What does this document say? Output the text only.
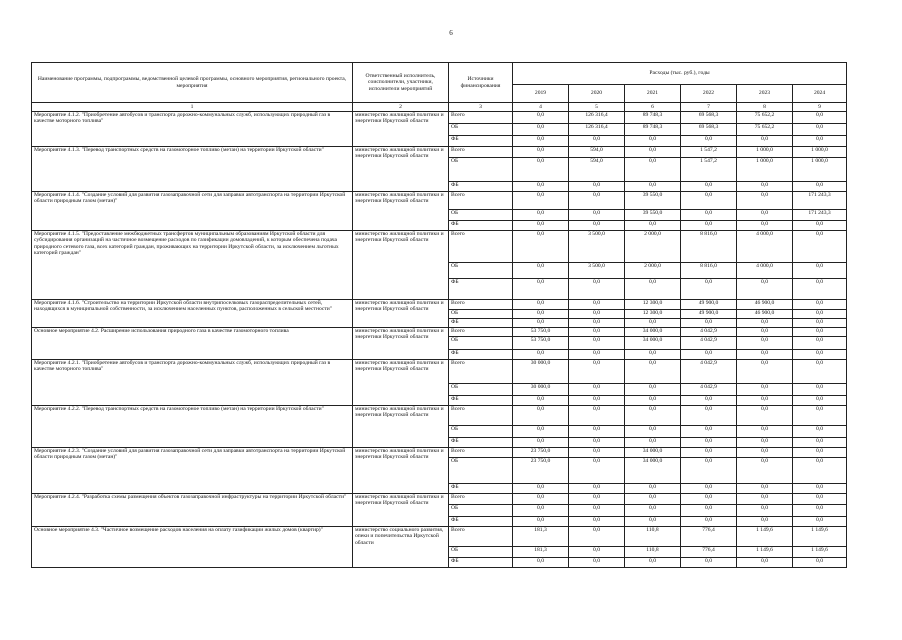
6
Наименование программы, подпрограммы, ведомственной целевой программы, основного мероприятия, регионального проекта, мероприятия	Ответственный исполнитель, соисполнители, участники, исполнители мероприятий	Источники финансирования	Расходы (тыс. руб.), годы					
			2019	2020	2021	2022	2023	2024
1	2	3	4	5	6	7	8	9
Мероприятие 4.1.2. "Приобретение автобусов и транспорта дорожно-коммунальных служб, использующих природный газ в качестве моторного топлива"	министерство жилищной политики и энергетики Иркутской области	Всего	0,0	126 316,4	89 748,3	69 568,3	75 652,2	0,0
		ОБ	0,0	126 316,4	89 748,3	69 568,3	75 652,2	0,0
		ФБ	0,0	0,0	0,0	0,0	0,0	0,0
Мероприятие 4.1.3. "Перевод транспортных средств на газомоторное топливо (метан) на территории Иркутской области"	министерство жилищной политики и энергетики Иркутской области	Всего	0,0	594,0	0,0	1 547,2	1 000,0	1 000,0
		ОБ	0,0	594,0	0,0	1 547,2	1 000,0	1 000,0
		ФБ	0,0	0,0	0,0	0,0	0,0	0,0
Мероприятие 4.1.4. "Создание условий для развития газозаправочной сети для заправки автотранспорта на территории Иркутской области природным газом (метан)"	министерство жилищной политики и энергетики Иркутской области	Всего	0,0	0,0	39 550,0	0,0	0,0	171 243,3
		ОБ	0,0	0,0	39 550,0	0,0	0,0	171 243,3
		ФБ	0,0	0,0	0,0	0,0	0,0	0,0
Мероприятие 4.1.5. "Предоставление межбюджетных трансфертов муниципальным образованиям Иркутской области для субсидирования организаций на частичное возмещение расходов по газификации домовладений, к которым обеспечена подача природного сетевого газа, всех категорий граждан, проживающих на территории Иркутской области, за исключением льготных категорий граждан"	министерство жилищной политики и энергетики Иркутской области	Всего	0,0	3 500,0	2 000,0	8 816,0	4 000,0	0,0
		ОБ	0,0	3 500,0	2 000,0	8 816,0	4 000,0	0,0
		ФБ	0,0	0,0	0,0	0,0	0,0	0,0
Мероприятие 4.1.6. "Строительство на территории Иркутской области внутрипоселковых газораспределительных сетей, находящихся в муниципальной собственности, за исключением населенных пунктов, расположенных в сельской местности"	министерство жилищной политики и энергетики Иркутской области	Всего	0,0	0,0	12 300,0	49 900,0	46 900,0	0,0
		ОБ	0,0	0,0	12 300,0	49 900,0	46 900,0	0,0
		ФБ	0,0	0,0	0,0	0,0	0,0	0,0
Основное мероприятие 4.2. Расширение использования природного газа в качестве газомоторного топлива	министерство жилищной политики и энергетики Иркутской области	Всего	53 750,0	0,0	34 000,0	4 042,9	0,0	0,0
		ОБ	53 750,0	0,0	34 000,0	4 042,9	0,0	0,0
		ФБ	0,0	0,0	0,0	0,0	0,0	0,0
Мероприятие 4.2.1. "Приобретение автобусов и транспорта дорожно-коммунальных служб, использующих природный газ в качестве моторного топлива"	министерство жилищной политики и энергетики Иркутской области	Всего	30 000,0	0,0	0,0	4 042,9	0,0	0,0
		ОБ	30 000,0	0,0	0,0	4 042,9	0,0	0,0
		ФБ	0,0	0,0	0,0	0,0	0,0	0,0
Мероприятие 4.2.2. "Перевод транспортных средств на газомоторное топливо (метан) на территории Иркутской области"	министерство жилищной политики и энергетики Иркутской области	Всего	0,0	0,0	0,0	0,0	0,0	0,0
		ОБ	0,0	0,0	0,0	0,0	0,0	0,0
		ФБ	0,0	0,0	0,0	0,0	0,0	0,0
Мероприятие 4.2.3. "Создание условий для развития газозаправочной сети для заправки автотранспорта на территории Иркутской области природным газом (метан)"	министерство жилищной политики и энергетики Иркутской области	Всего	23 750,0	0,0	34 000,0	0,0	0,0	0,0
		ОБ	23 750,0	0,0	34 000,0	0,0	0,0	0,0
		ФБ	0,0	0,0	0,0	0,0	0,0	0,0
Мероприятие 4.2.4. "Разработка схемы размещения объектов газозаправочной инфраструктуры на территории Иркутской области"	министерство жилищной политики и энергетики Иркутской области	Всего	0,0	0,0	0,0	0,0	0,0	0,0
		ОБ	0,0	0,0	0,0	0,0	0,0	0,0
		ФБ	0,0	0,0	0,0	0,0	0,0	0,0
Основное мероприятие 4.3. "Частичное возмещение расходов населения на оплату газификации жилых домов (квартир)"	министерство социального развития, опеки и попечительства Иркутской области	Всего	181,3	0,0	110,8	776,4	1 149,6	1 149,6
		ОБ	181,3	0,0	110,8	776,4	1 149,6	1 149,6
		ФБ	0,0	0,0	0,0	0,0	0,0	0,0
